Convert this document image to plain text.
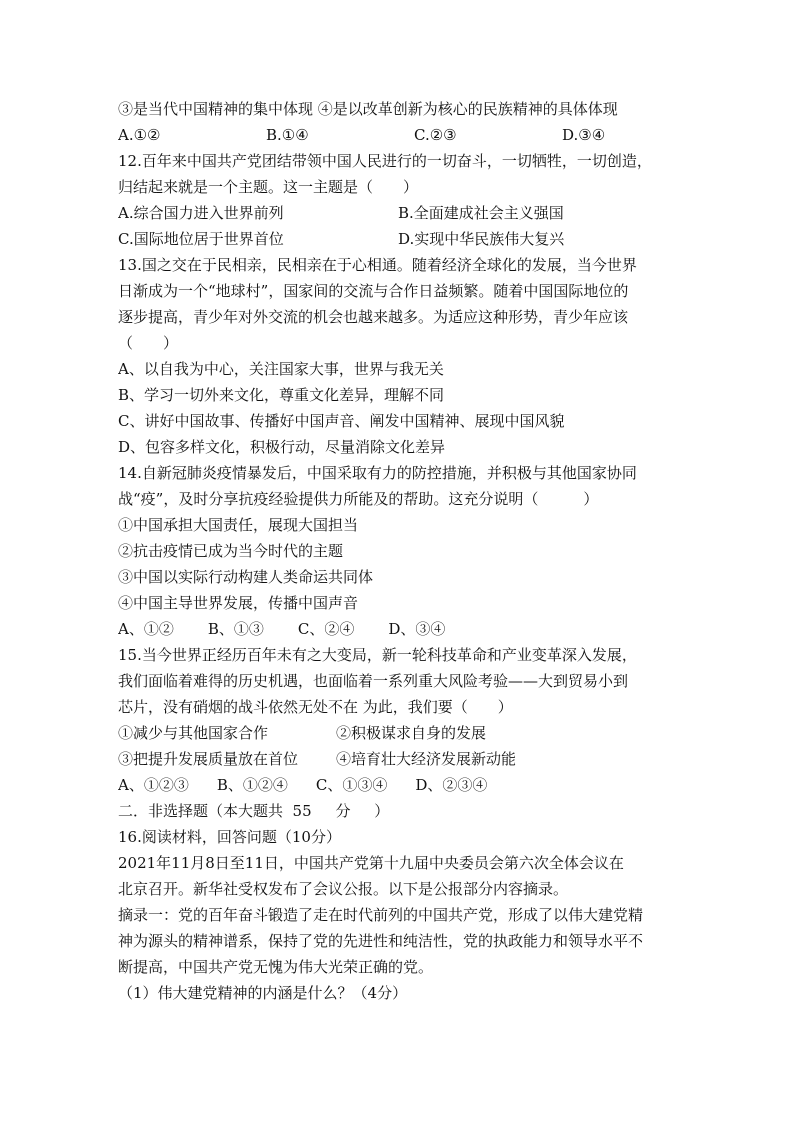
③是当代中国精神的集中体现 ④是以改革创新为核心的民族精神的具体体现
A.①②	B.①④	C.②③	D.③④
12.百年来中国共产党团结带领中国人民进行的一切奋斗，一切牺牲，一切创造，
归结起来就是一个主题。这一主题是（　　）
A.综合国力进入世界前列	B.全面建成社会主义强国
C.国际地位居于世界首位	D.实现中华民族伟大复兴
13.国之交在于民相亲，民相亲在于心相通。随着经济全球化的发展，当今世界
日渐成为一个“地球村”，国家间的交流与合作日益频繁。随着中国国际地位的
逐步提高，青少年对外交流的机会也越来越多。为适应这种形势，青少年应该
（　　）
A、以自我为中心，关注国家大事，世界与我无关
B、学习一切外来文化，尊重文化差异，理解不同
C、讲好中国故事、传播好中国声音、阐发中国精神、展现中国风貌
D、包容多样文化，积极行动，尽量消除文化差异
14.自新冠肺炎疫情暴发后，中国采取有力的防控措施，并积极与其他国家协同
战“疫”，及时分享抗疫经验提供力所能及的帮助。这充分说明（　　　）
①中国承担大国责任，展现大国担当
②抗击疫情已成为当今时代的主题
③中国以实际行动构建人类命运共同体
④中国主导世界发展，传播中国声音
A、①② B、①③ C、②④ D、③④
15.当今世界正经历百年未有之大变局，新一轮科技革命和产业变革深入发展，
我们面临着难得的历史机遇，也面临着一系列重大风险考验——大到贸易小到
芯片，没有硝烟的战斗依然无处不在 为此，我们要（　　）
①减少与其他国家合作	②积极谋求自身的发展
③把提升发展质量放在首位	④培育壮大经济发展新动能
A、①②③ B、①②④ C、①③④ D、②③④
二．非选择题（本大题共  55     分     ）
16.阅读材料，回答问题（10分）
2021年11月8日至11日，中国共产党第十九届中央委员会第六次全体会议在
北京召开。新华社受权发布了会议公报。以下是公报部分内容摘录。
摘录一：党的百年奋斗锻造了走在时代前列的中国共产党，形成了以伟大建党精
神为源头的精神谱系，保持了党的先进性和纯洁性，党的执政能力和领导水平不
断提高，中国共产党无愧为伟大光荣正确的党。
（1）伟大建党精神的内涵是什么？（4分）
